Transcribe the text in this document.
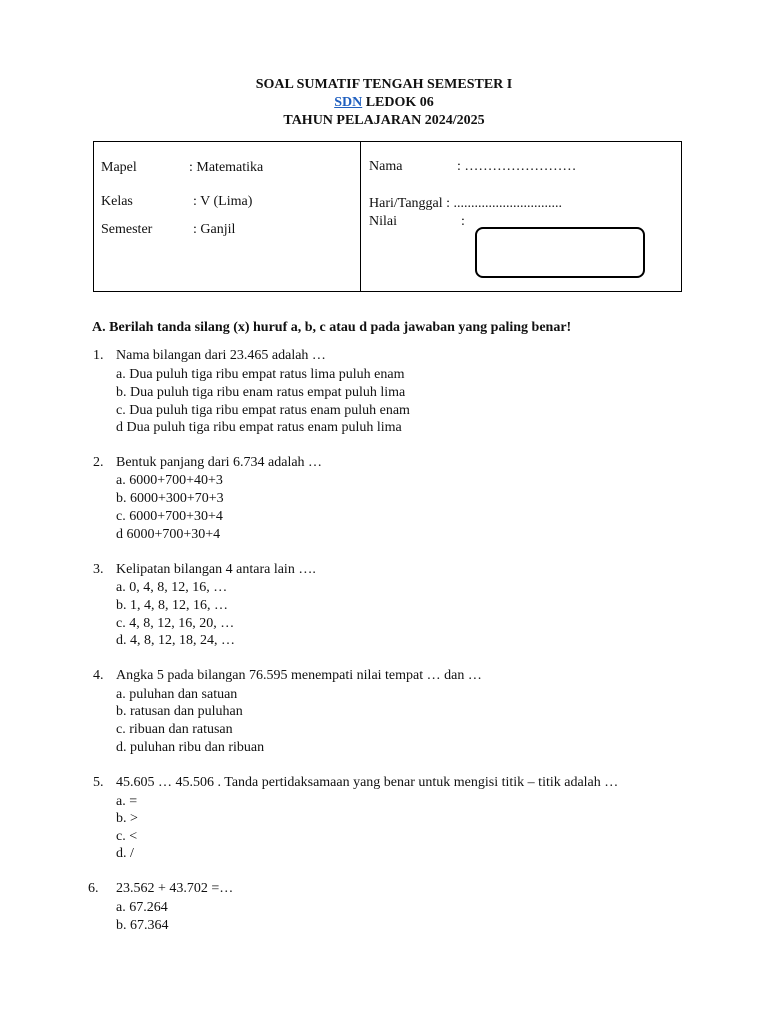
SOAL SUMATIF TENGAH SEMESTER I
SDN LEDOK 06
TAHUN PELAJARAN 2024/2025
Mapel	: Matematika
Kelas	: V (Lima)
Semester	: Ganjil
Nama	: ……………………
Hari/Tanggal : ...............................
Nilai	:
A. Berilah tanda silang (x) huruf a, b, c atau d pada jawaban yang paling benar!
1. Nama bilangan dari 23.465 adalah …
a. Dua puluh tiga ribu empat ratus lima puluh enam
b. Dua puluh tiga ribu enam ratus empat puluh lima
c. Dua puluh tiga ribu empat ratus enam puluh enam
d Dua puluh tiga ribu empat ratus enam puluh lima
2. Bentuk panjang dari 6.734 adalah …
a. 6000+700+40+3
b. 6000+300+70+3
c. 6000+700+30+4
d 6000+700+30+4
3. Kelipatan bilangan 4 antara lain ….
a. 0, 4, 8, 12, 16, …
b. 1, 4, 8, 12, 16, …
c. 4, 8, 12, 16, 20, …
d. 4, 8, 12, 18, 24, …
4. Angka 5 pada bilangan 76.595 menempati nilai tempat … dan …
a. puluhan dan satuan
b. ratusan dan puluhan
c. ribuan dan ratusan
d. puluhan ribu dan ribuan
5. 45.605 … 45.506 . Tanda pertidaksamaan yang benar untuk mengisi titik – titik adalah …
a. =
b. >
c. <
d. /
6. 23.562 + 43.702 =…
a. 67.264
b. 67.364
